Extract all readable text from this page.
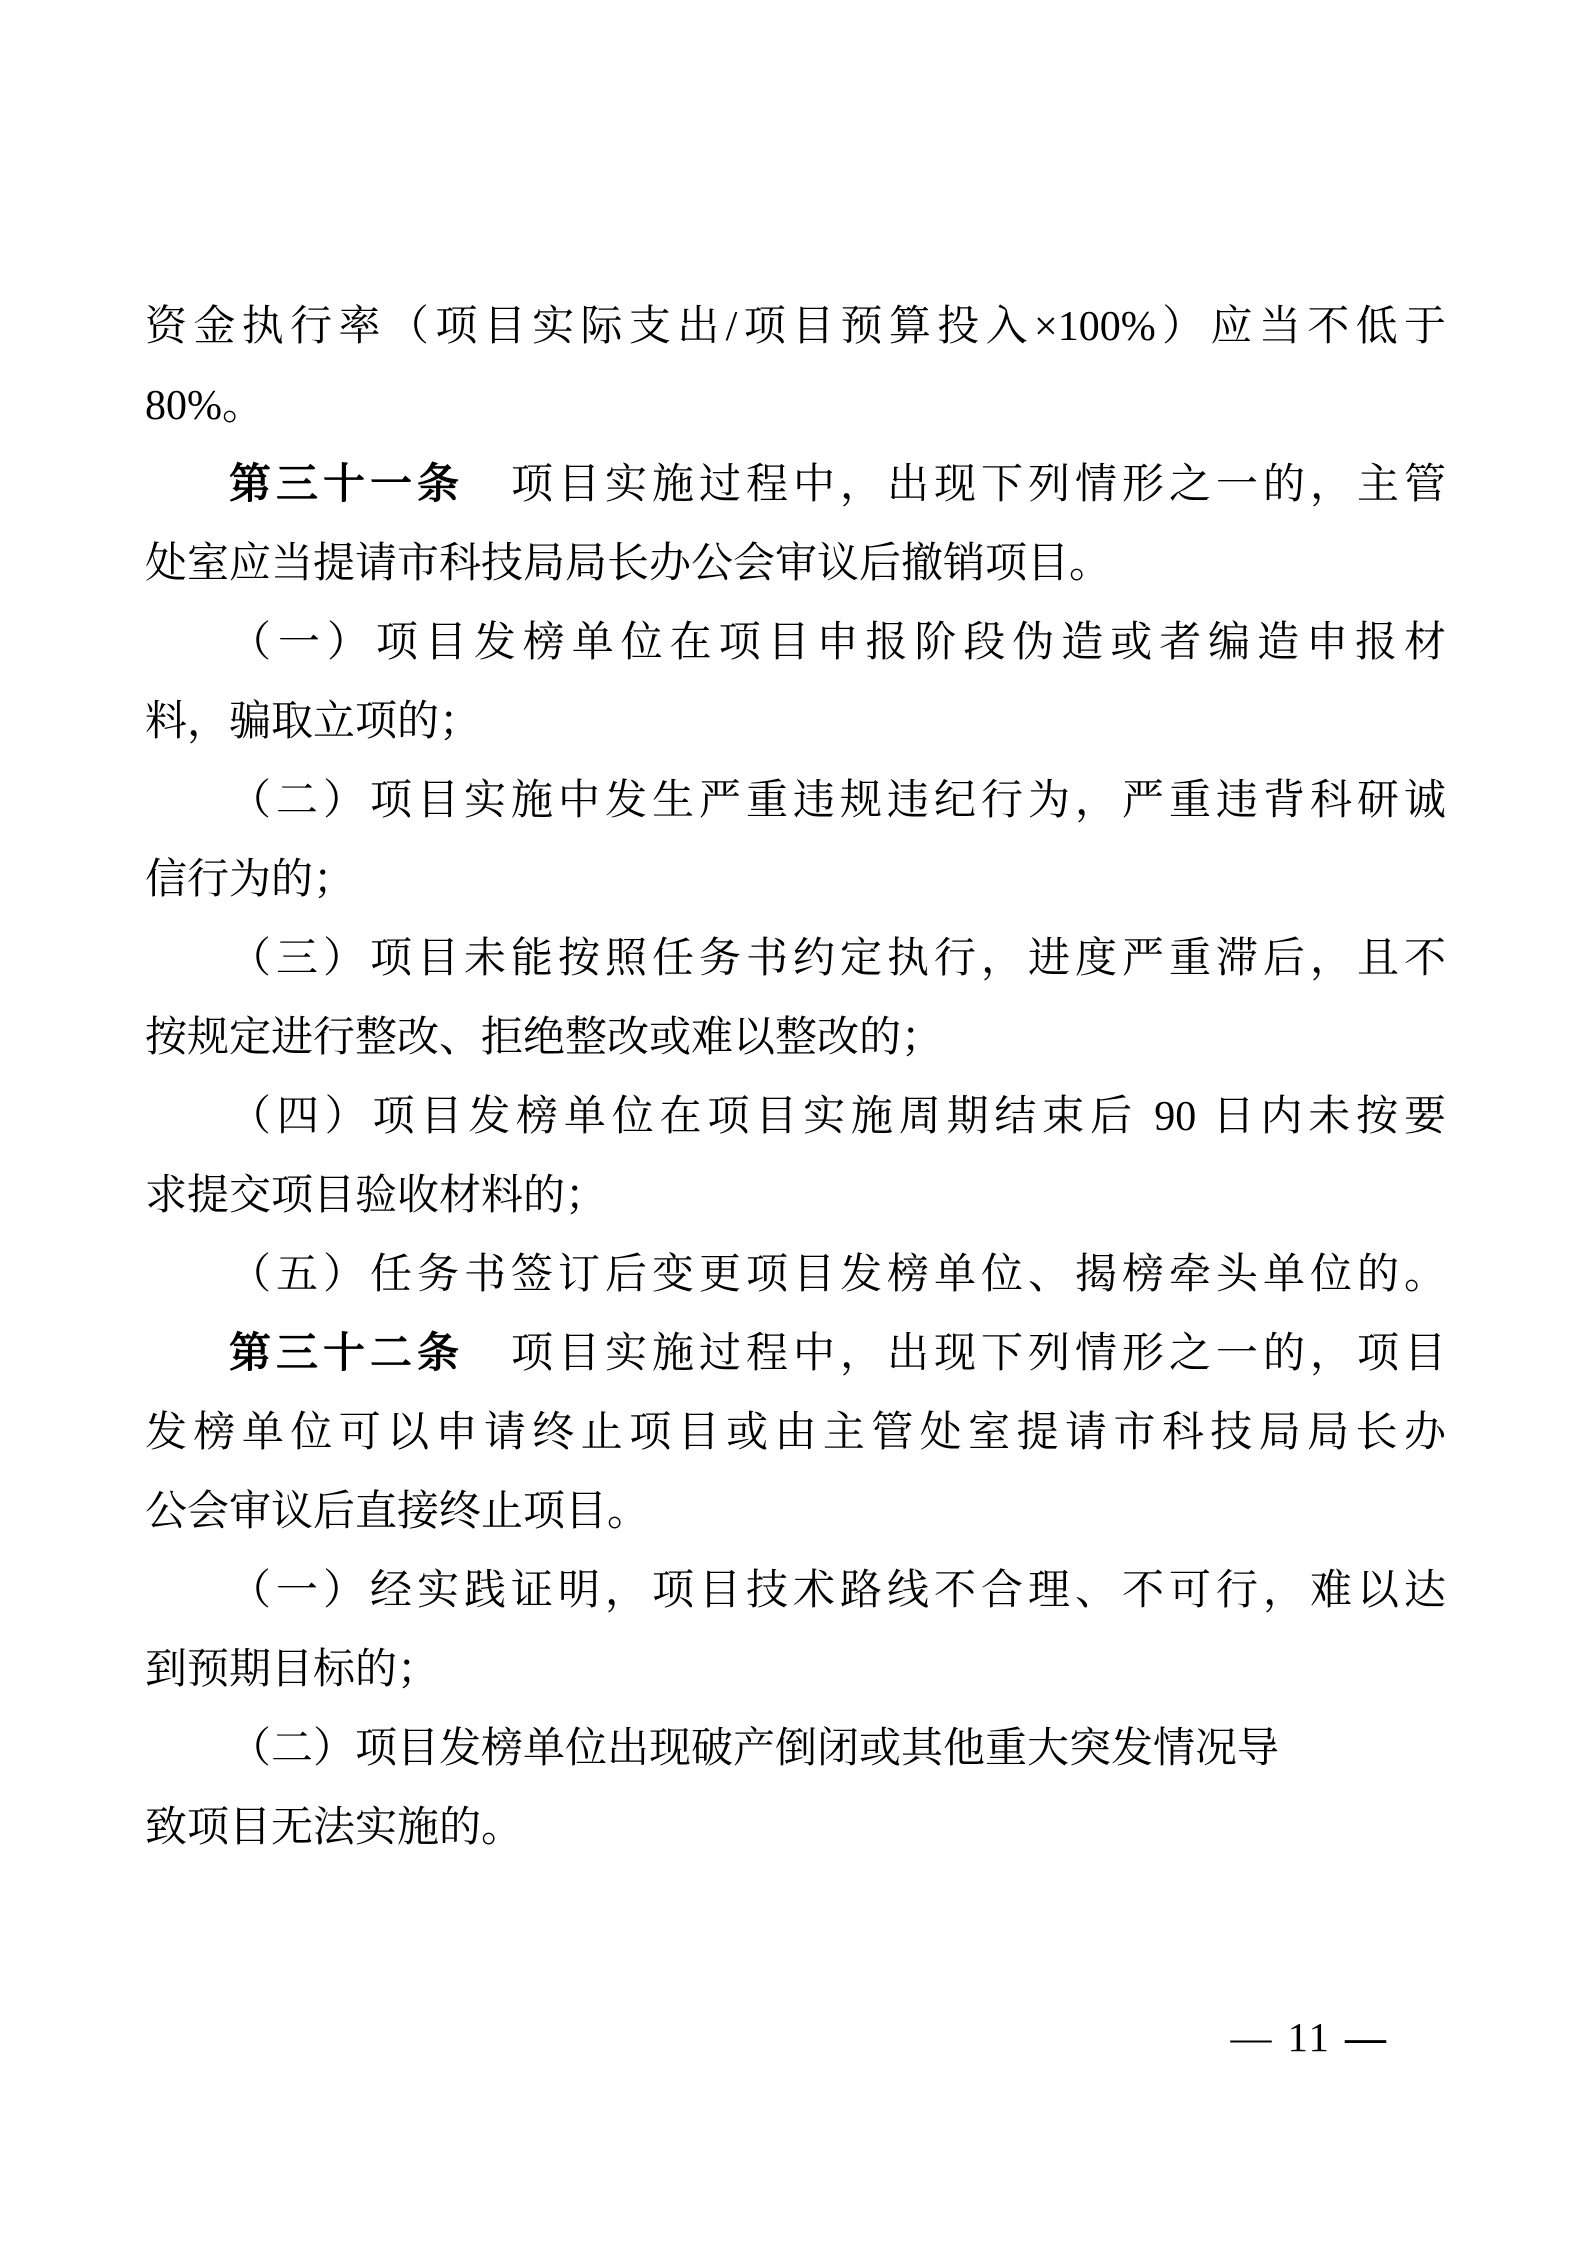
资金执行率（项目实际支出/项目预算投入×100%）应当不低于
80%。
第三十一条　项目实施过程中，出现下列情形之一的，主管
处室应当提请市科技局局长办公会审议后撤销项目。
（一）项目发榜单位在项目申报阶段伪造或者编造申报材
料，骗取立项的；
（二）项目实施中发生严重违规违纪行为，严重违背科研诚
信行为的；
（三）项目未能按照任务书约定执行，进度严重滞后，且不
按规定进行整改、拒绝整改或难以整改的；
（四）项目发榜单位在项目实施周期结束后 90 日内未按要
求提交项目验收材料的；
（五）任务书签订后变更项目发榜单位、揭榜牵头单位的。
第三十二条　项目实施过程中，出现下列情形之一的，项目
发榜单位可以申请终止项目或由主管处室提请市科技局局长办
公会审议后直接终止项目。
（一）经实践证明，项目技术路线不合理、不可行，难以达
到预期目标的；
（二）项目发榜单位出现破产倒闭或其他重大突发情况导
致项目无法实施的。
— 11 —
